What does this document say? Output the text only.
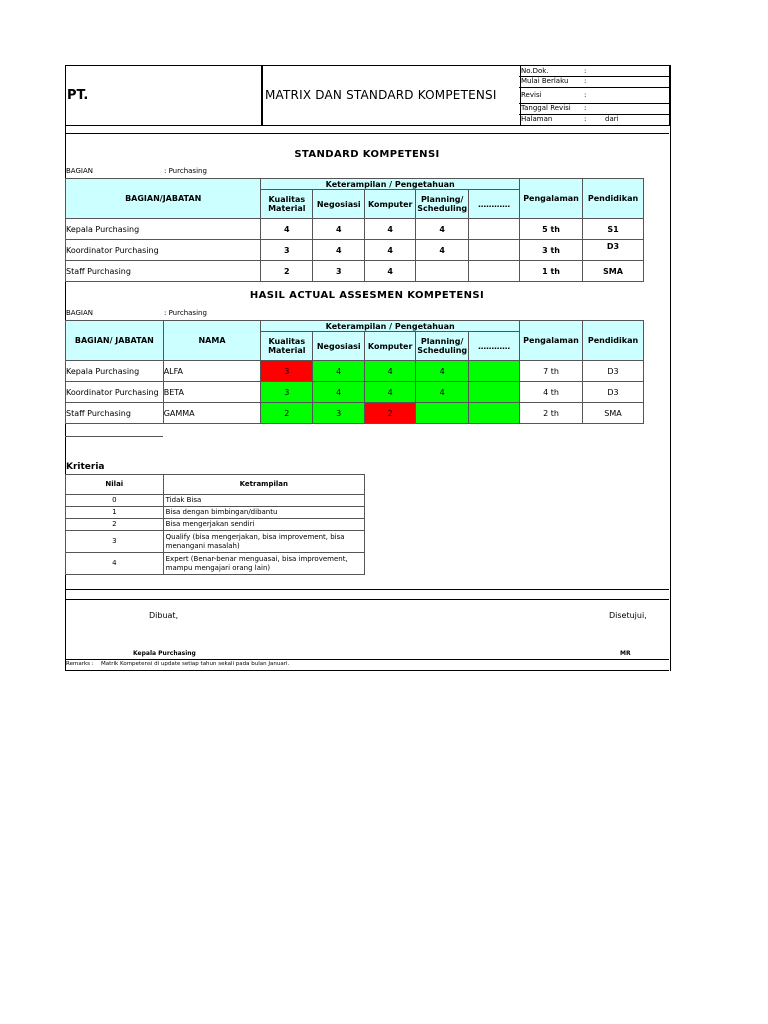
PT.	MATRIX DAN STANDARD KOMPETENSI
No.Dok.	:
Mulai Berlaku :
Revisi	:
Tanggal Revisi :
Halaman	:	dari
STANDARD KOMPETENSI
BAGIAN	: Purchasing
BAGIAN/JABATAN	Keterampilan / Pengetahuan					Pengalaman	Pendidikan
	Kualitas Material	Negosiasi	Komputer	Planning/ Scheduling	…………		
Kepala Purchasing	4	4	4	4		5 th	S1
Koordinator Purchasing	3	4	4	4		3 th	D3
Staff Purchasing	2	3	4			1 th	SMA
HASIL ACTUAL ASSESMEN KOMPETENSI
BAGIAN	: Purchasing
BAGIAN/ JABATAN	NAMA	Keterampilan / Pengetahuan					Pengalaman	Pendidikan
		Kualitas Material	Negosiasi	Komputer	Planning/ Scheduling	…………		
Kepala Purchasing	ALFA	3	4	4	4		7 th	D3
Koordinator Purchasing	BETA	3	4	4	4		4 th	D3
Staff Purchasing	GAMMA	2	3	2			2 th	SMA
Kriteria
Nilai	Ketrampilan
0	Tidak Bisa
1	Bisa dengan bimbingan/dibantu
2	Bisa mengerjakan sendiri
3	Qualify (bisa mengerjakan, bisa improvement, bisa menangani masalah)
4	Expert (Benar-benar menguasai, bisa improvement, mampu mengajari orang lain)
Dibuat,	Disetujui,
Kepala Purchasing	MR
Remarks : Matrik Kompetensi di update setiap tahun sekali pada bulan Januari.
